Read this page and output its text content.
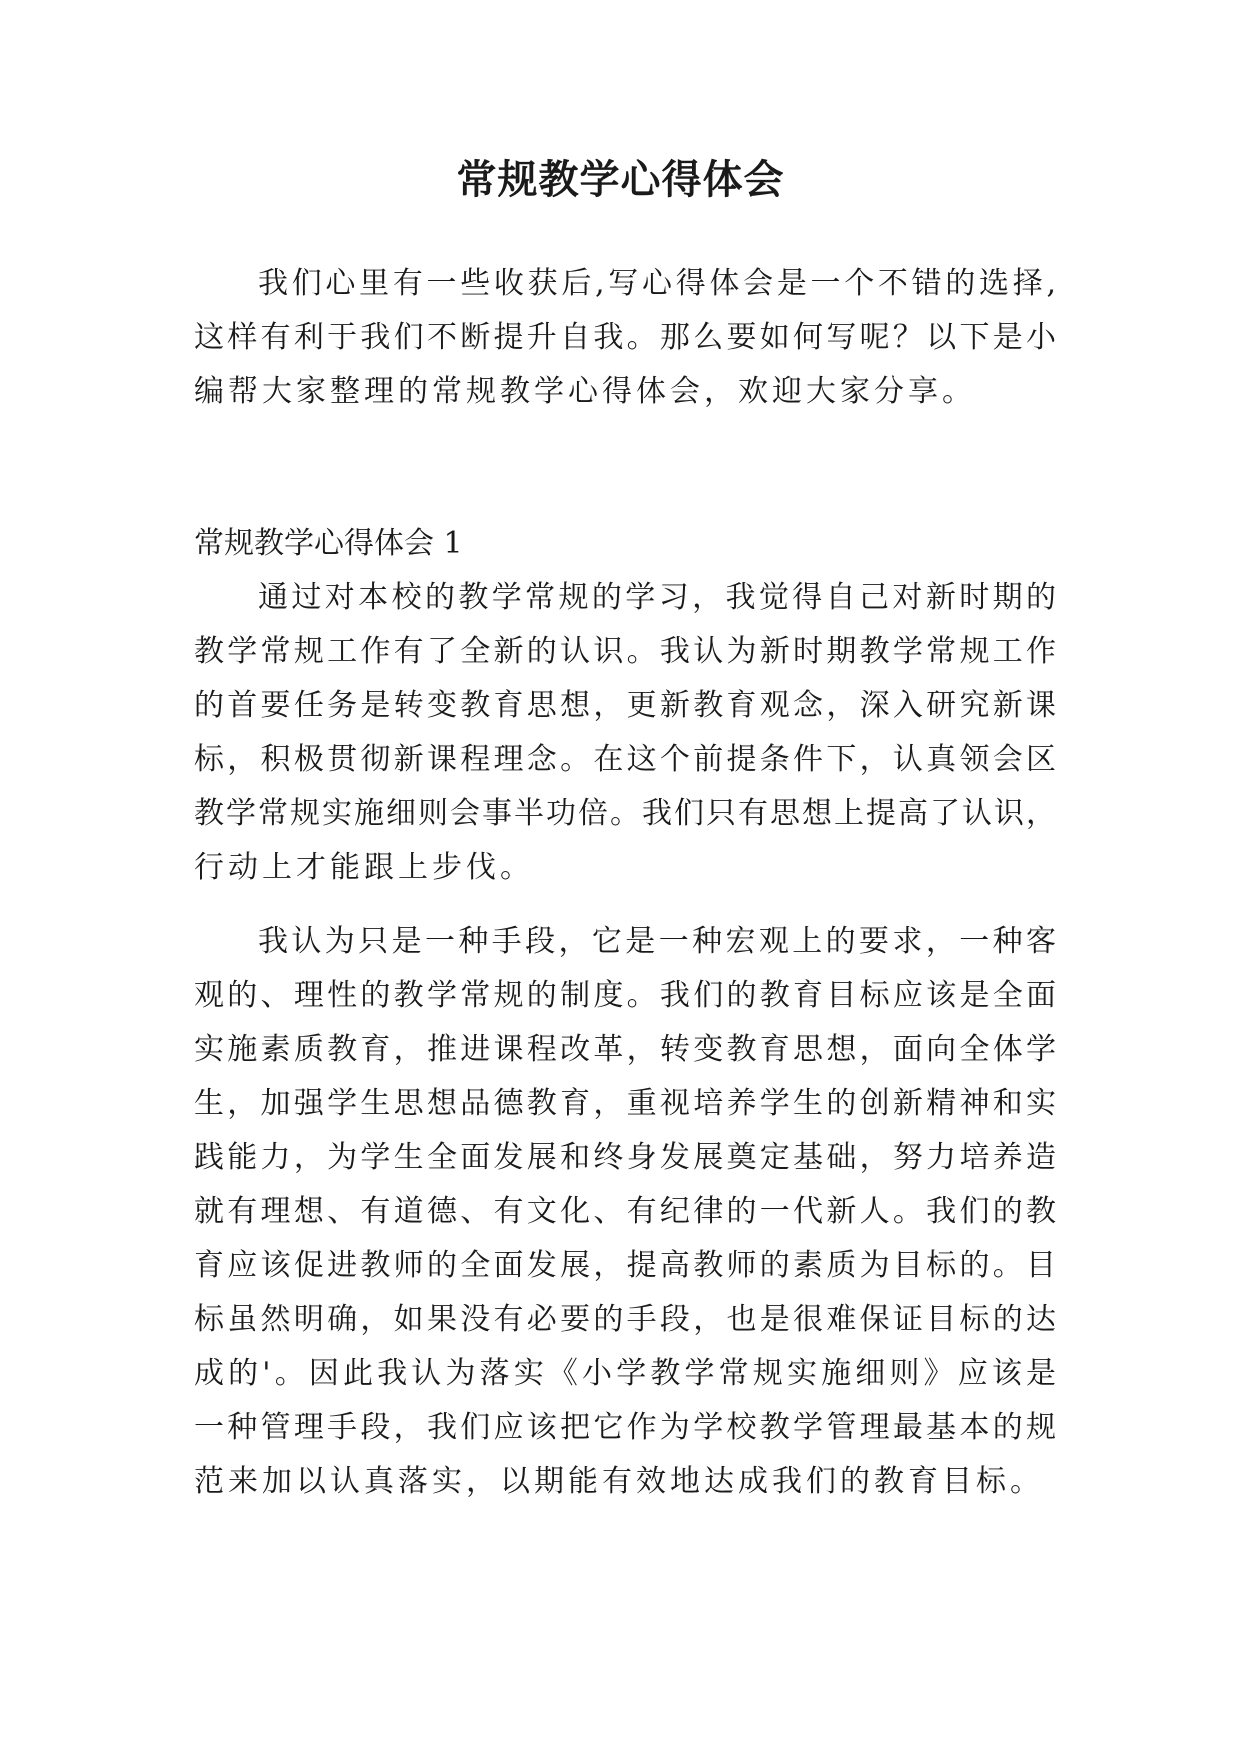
常规教学心得体会
我们心里有一些收获后,写心得体会是一个不错的选择,
这样有利于我们不断提升自我。那么要如何写呢？以下是小
编帮大家整理的常规教学心得体会，欢迎大家分享。
常规教学心得体会 1
通过对本校的教学常规的学习，我觉得自己对新时期的
教学常规工作有了全新的认识。我认为新时期教学常规工作
的首要任务是转变教育思想，更新教育观念，深入研究新课
标，积极贯彻新课程理念。在这个前提条件下，认真领会区
教学常规实施细则会事半功倍。我们只有思想上提高了认识，
行动上才能跟上步伐。
我认为只是一种手段，它是一种宏观上的要求，一种客
观的、理性的教学常规的制度。我们的教育目标应该是全面
实施素质教育，推进课程改革，转变教育思想，面向全体学
生，加强学生思想品德教育，重视培养学生的创新精神和实
践能力，为学生全面发展和终身发展奠定基础，努力培养造
就有理想、有道德、有文化、有纪律的一代新人。我们的教
育应该促进教师的全面发展，提高教师的素质为目标的。目
标虽然明确，如果没有必要的手段，也是很难保证目标的达
成的'。因此我认为落实《小学教学常规实施细则》应该是
一种管理手段，我们应该把它作为学校教学管理最基本的规
范来加以认真落实，以期能有效地达成我们的教育目标。
